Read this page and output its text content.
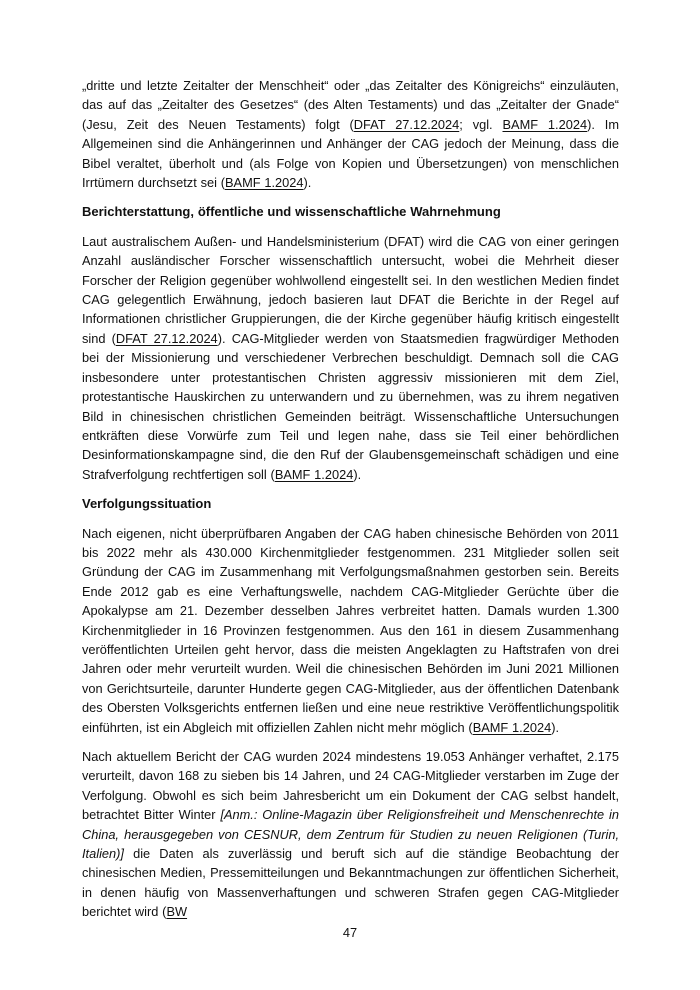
„dritte und letzte Zeitalter der Menschheit“ oder „das Zeitalter des Königreichs“ einzuläuten, das auf das „Zeitalter des Gesetzes“ (des Alten Testaments) und das „Zeitalter der Gnade“ (Jesu, Zeit des Neuen Testaments) folgt (DFAT 27.12.2024; vgl. BAMF 1.2024). Im Allgemeinen sind die Anhängerinnen und Anhänger der CAG jedoch der Meinung, dass die Bibel veraltet, überholt und (als Folge von Kopien und Übersetzungen) von menschlichen Irrtümern durchsetzt sei (BAMF 1.2024).

Berichterstattung, öffentliche und wissenschaftliche Wahrnehmung

Laut australischem Außen- und Handelsministerium (DFAT) wird die CAG von einer geringen Anzahl ausländischer Forscher wissenschaftlich untersucht, wobei die Mehrheit dieser Forscher der Religion gegenüber wohlwollend eingestellt sei. In den westlichen Medien findet CAG gelegentlich Erwähnung, jedoch basieren laut DFAT die Berichte in der Regel auf Informationen christlicher Gruppierungen, die der Kirche gegenüber häufig kritisch eingestellt sind (DFAT 27.12.2024). CAG-Mitglieder werden von Staatsmedien fragwürdiger Methoden bei der Missionierung und verschiedener Verbrechen beschuldigt. Demnach soll die CAG insbesondere unter protestantischen Christen aggressiv missionieren mit dem Ziel, protestantische Hauskirchen zu unterwandern und zu übernehmen, was zu ihrem negativen Bild in chinesischen christlichen Gemeinden beiträgt. Wissenschaftliche Untersuchungen entkräften diese Vorwürfe zum Teil und legen nahe, dass sie Teil einer behördlichen Desinformationskampagne sind, die den Ruf der Glaubensgemeinschaft schädigen und eine Strafverfolgung rechtfertigen soll (BAMF 1.2024).

Verfolgungssituation

Nach eigenen, nicht überprüfbaren Angaben der CAG haben chinesische Behörden von 2011 bis 2022 mehr als 430.000 Kirchenmitglieder festgenommen. 231 Mitglieder sollen seit Gründung der CAG im Zusammenhang mit Verfolgungsmaßnahmen gestorben sein. Bereits Ende 2012 gab es eine Verhaftungswelle, nachdem CAG-Mitglieder Gerüchte über die Apokalypse am 21. Dezember desselben Jahres verbreitet hatten. Damals wurden 1.300 Kirchenmitglieder in 16 Provinzen festgenommen. Aus den 161 in diesem Zusammenhang veröffentlichten Urteilen geht hervor, dass die meisten Angeklagten zu Haftstrafen von drei Jahren oder mehr verurteilt wurden. Weil die chinesischen Behörden im Juni 2021 Millionen von Gerichtsurteile, darunter Hunderte gegen CAG-Mitglieder, aus der öffentlichen Datenbank des Obersten Volksgerichts entfernen ließen und eine neue restriktive Veröffentlichungspolitik einführten, ist ein Abgleich mit offiziellen Zahlen nicht mehr möglich (BAMF 1.2024).

Nach aktuellem Bericht der CAG wurden 2024 mindestens 19.053 Anhänger verhaftet, 2.175 verurteilt, davon 168 zu sieben bis 14 Jahren, und 24 CAG-Mitglieder verstarben im Zuge der Verfolgung. Obwohl es sich beim Jahresbericht um ein Dokument der CAG selbst handelt, betrachtet Bitter Winter [Anm.: Online-Magazin über Religionsfreiheit und Menschenrechte in China, herausgegeben von CESNUR, dem Zentrum für Studien zu neuen Religionen (Turin, Italien)] die Daten als zuverlässig und beruft sich auf die ständige Beobachtung der chinesischen Medien, Pressemitteilungen und Bekanntmachungen zur öffentlichen Sicherheit, in denen häufig von Massenverhaftungen und schweren Strafen gegen CAG-Mitglieder berichtet wird (BW

47
